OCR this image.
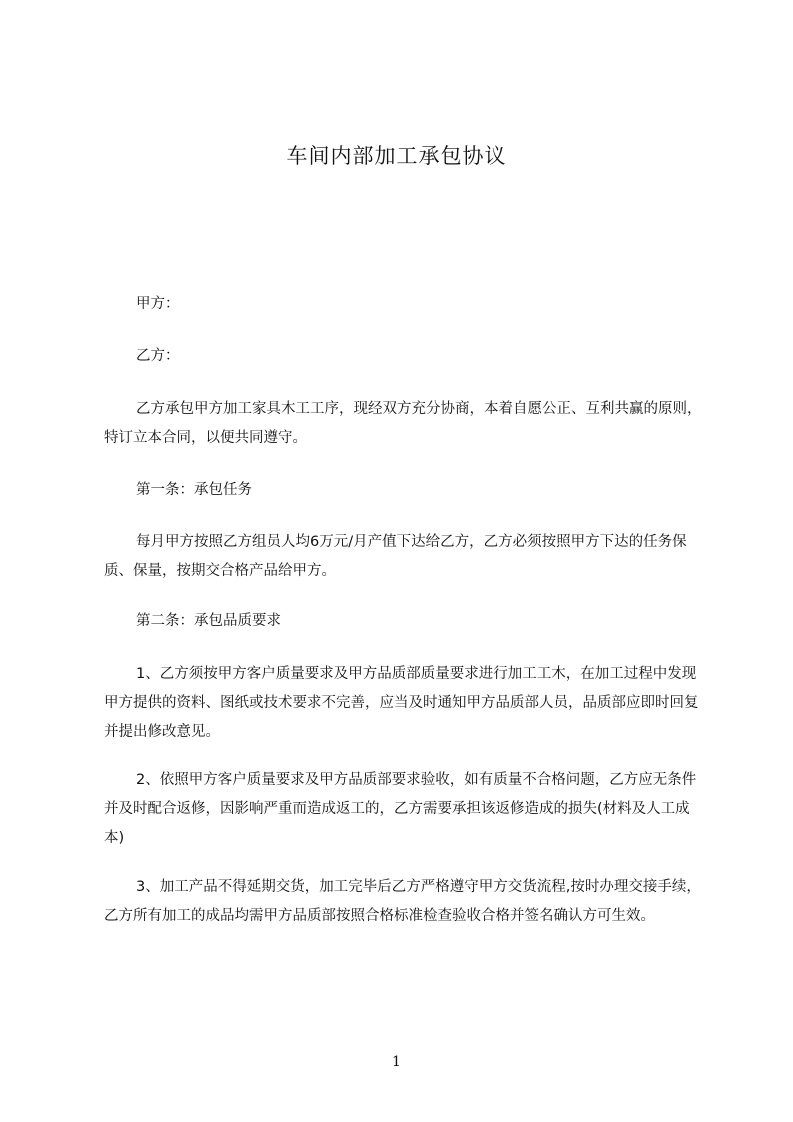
车间内部加工承包协议

甲方：

乙方：

乙方承包甲方加工家具木工工序，现经双方充分协商，本着自愿公正、互利共赢的原则，特订立本合同，以便共同遵守。

第一条：承包任务

每月甲方按照乙方组员人均6万元/月产值下达给乙方，乙方必须按照甲方下达的任务保质、保量，按期交合格产品给甲方。

第二条：承包品质要求

1、乙方须按甲方客户质量要求及甲方品质部质量要求进行加工工木，在加工过程中发现甲方提供的资料、图纸或技术要求不完善，应当及时通知甲方品质部人员，品质部应即时回复并提出修改意见。

2、依照甲方客户质量要求及甲方品质部要求验收，如有质量不合格问题，乙方应无条件并及时配合返修，因影响严重而造成返工的，乙方需要承担该返修造成的损失(材料及人工成本)

3、加工产品不得延期交货，加工完毕后乙方严格遵守甲方交货流程,按时办理交接手续，乙方所有加工的成品均需甲方品质部按照合格标准检查验收合格并签名确认方可生效。

1
